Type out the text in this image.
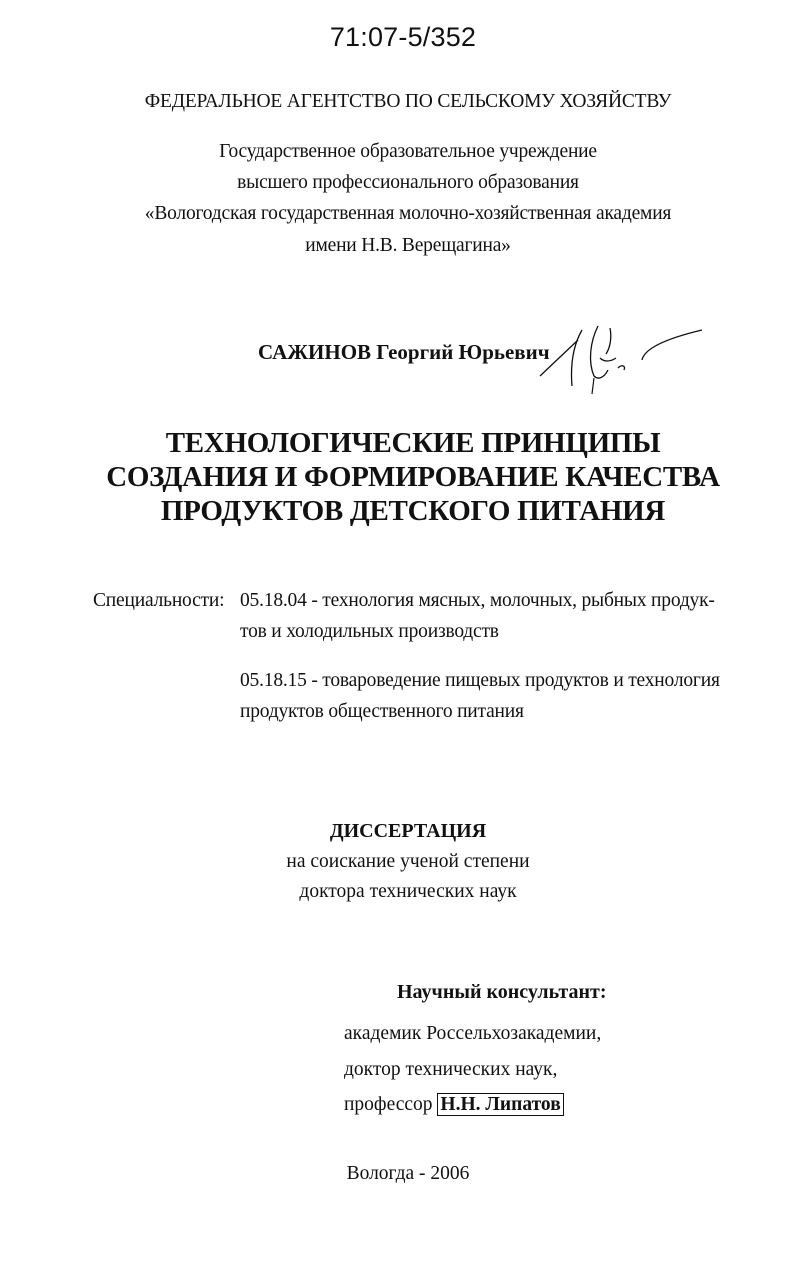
71:07-5/352
ФЕДЕРАЛЬНОЕ АГЕНТСТВО ПО СЕЛЬСКОМУ ХОЗЯЙСТВУ
Государственное образовательное учреждение
высшего профессионального образования
«Вологодская государственная молочно-хозяйственная академия
имени Н.В. Верещагина»
САЖИНОВ Георгий Юрьевич
ТЕХНОЛОГИЧЕСКИЕ ПРИНЦИПЫ
СОЗДАНИЯ И ФОРМИРОВАНИЕ КАЧЕСТВА
ПРОДУКТОВ ДЕТСКОГО ПИТАНИЯ
Специальности: 05.18.04 - технология мясных, молочных, рыбных продук-
тов и холодильных производств
05.18.15 - товароведение пищевых продуктов и технология
продуктов общественного питания
ДИССЕРТАЦИЯ
на соискание ученой степени
доктора технических наук
Научный консультант:
академик Россельхозакадемии,
доктор технических наук,
профессор Н.Н. Липатов
Вологда - 2006
